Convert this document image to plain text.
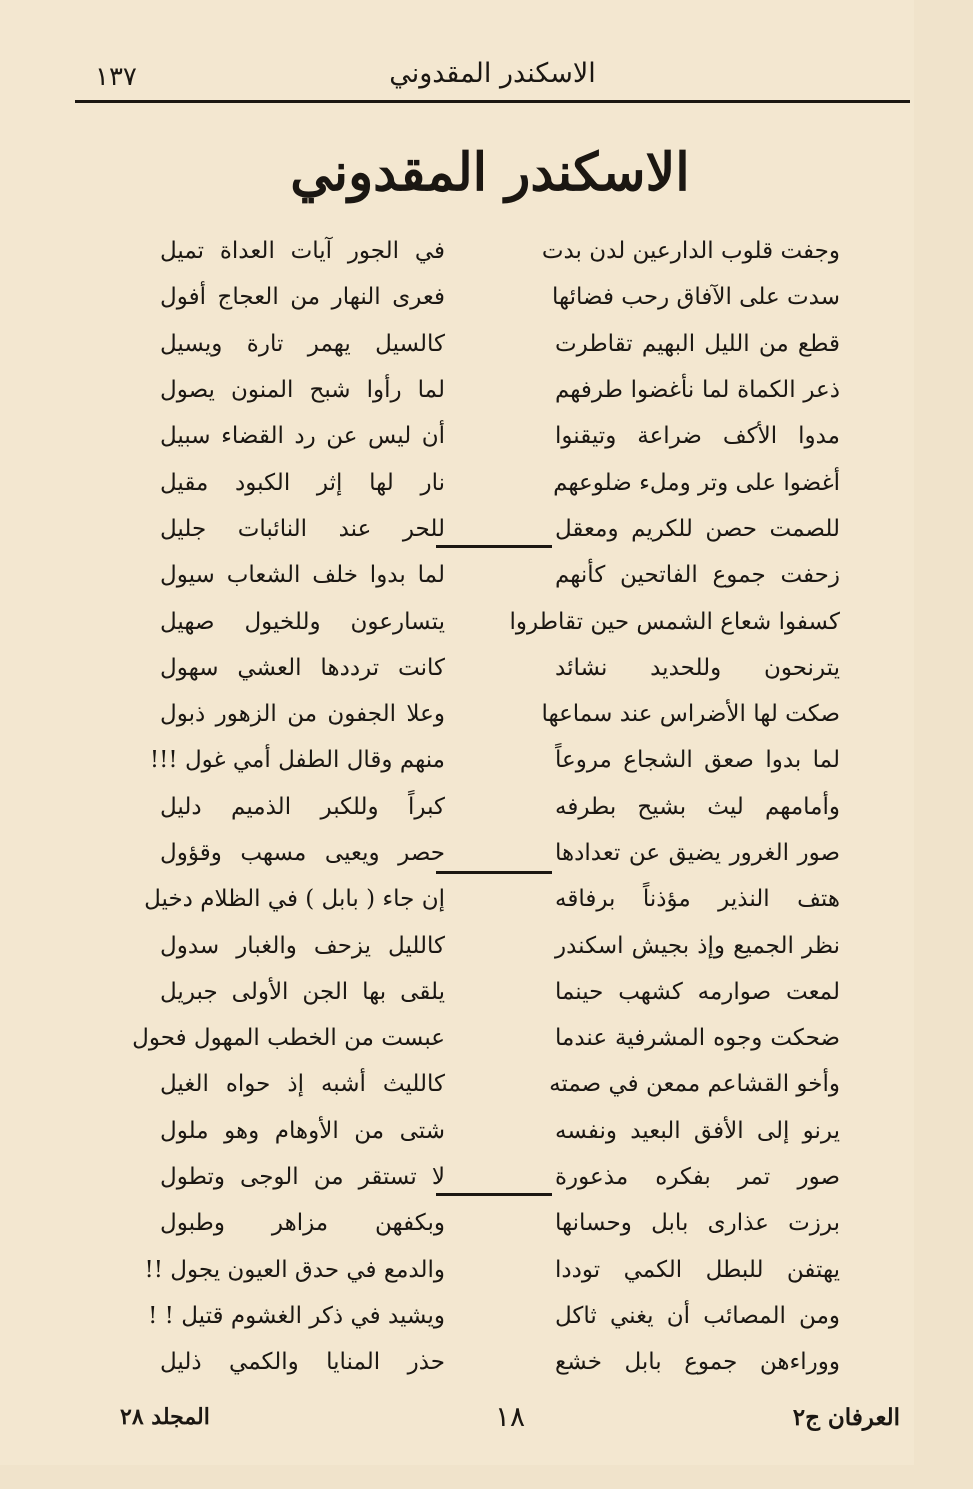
١٣٧	الاسكندر المقدوني
الاسكندر المقدوني
وجفت قلوب الدارعين لدن بدت
في الجور آيات العداة تميل
سدت على الآفاق رحب فضائها
فعرى النهار من العجاج أفول
قطع من الليل البهيم تقاطرت
كالسيل يهمر تارة ويسيل
ذعر الكماة لما نأغضوا طرفهم
لما رأوا شبح المنون يصول
مدوا الأكف ضراعة وتيقنوا
أن ليس عن رد القضاء سبيل
أغضوا على وتر وملء ضلوعهم
نار لها إثر الكبود مقيل
للصمت حصن للكريم ومعقل
للحر عند النائبات جليل
زحفت جموع الفاتحين كأنهم
لما بدوا خلف الشعاب سيول
كسفوا شعاع الشمس حين تقاطروا
يتسارعون وللخيول صهيل
يترنحون وللحديد نشائد
كانت ترددها العشي سهول
صكت لها الأضراس عند سماعها
وعلا الجفون من الزهور ذبول
لما بدوا صعق الشجاع مروعاً
منهم وقال الطفل أمي غول !!!
وأمامهم ليث بشيح بطرفه
كبراً وللكبر الذميم دليل
صور الغرور يضيق عن تعدادها
حصر ويعيى مسهب وقؤول
هتف النذير مؤذناً برفاقه
إن جاء ( بابل ) في الظلام دخيل
نظر الجميع وإذ بجيش اسكندر
كالليل يزحف والغبار سدول
لمعت صوارمه كشهب حينما
يلقى بها الجن الأولى جبريل
ضحكت وجوه المشرفية عندما
عبست من الخطب المهول فحول
وأخو القشاعم ممعن في صمته
كالليث أشبه إذ حواه الغيل
يرنو إلى الأفق البعيد ونفسه
شتى من الأوهام وهو ملول
صور تمر بفكره مذعورة
لا تستقر من الوجى وتطول
برزت عذارى بابل وحسانها
وبكفهن مزاهر وطبول
يهتفن للبطل الكمي توددا
والدمع في حدق العيون يجول !!
ومن المصائب أن يغني ثاكل
ويشيد في ذكر الغشوم قتيل ! !
ووراءهن جموع بابل خشع
حذر المنايا والكمي ذليل
العرفان ج٢
١٨
المجلد ٢٨
